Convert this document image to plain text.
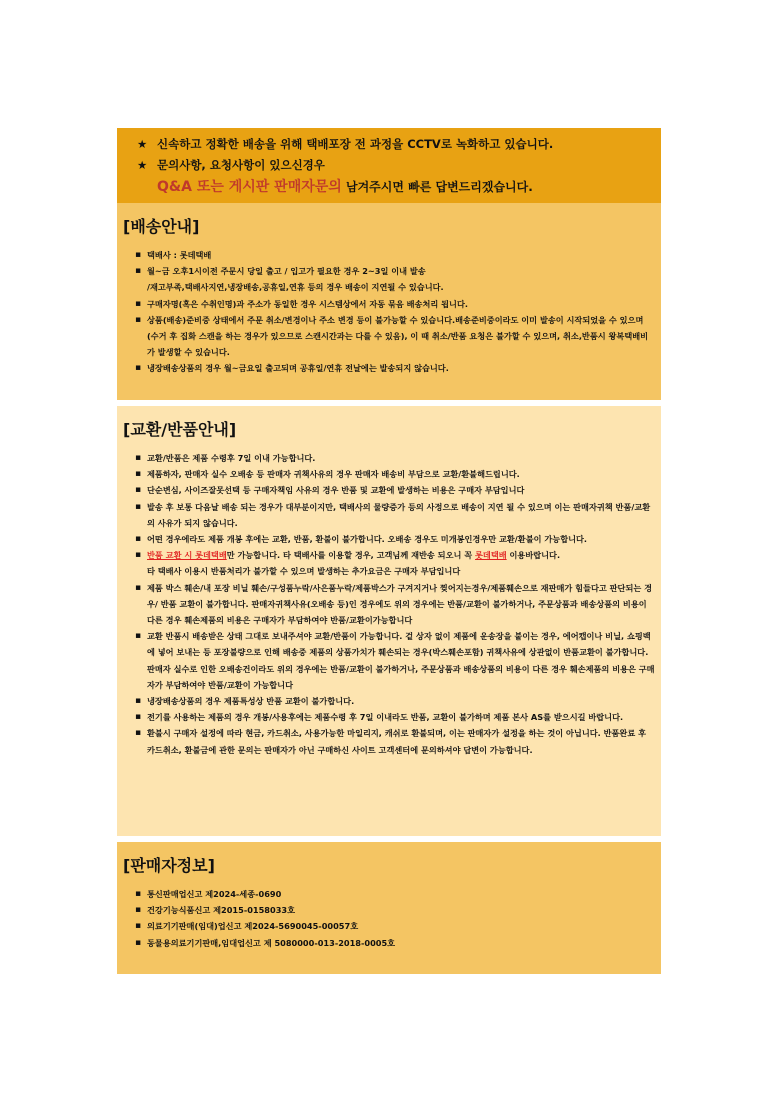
★ 신속하고 정확한 배송을 위해 택배포장 전 과정을 CCTV로 녹화하고 있습니다.
★ 문의사항, 요청사항이 있으신경우
Q&A 또는 게시판 판매자문의 남겨주시면 빠른 답변드리겠습니다.
[배송안내]
▪ 택배사 : 롯데택배
▪ 월~금 오후1시이전 주문시 당일 출고 / 입고가 필요한 경우 2~3일 이내 발송
/재고부족,택배사지연,냉장배송,공휴일,연휴 등의 경우 배송이 지연될 수 있습니다.
▪ 구매자명(혹은 수취인명)과 주소가 동일한 경우 시스템상에서 자동 묶음 배송처리 됩니다.
▪ 상품(배송)준비중 상태에서 주문 취소/변경이나 주소 변경 등이 불가능할 수 있습니다.배송준비중이라도 이미 발송이 시작되었을 수 있으며(수거 후 집화 스캔을 하는 경우가 있으므로 스캔시간과는 다를 수 있음), 이 때 취소/반품 요청은 불가할 수 있으며, 취소,반품시 왕복택배비가 발생할 수 있습니다.
▪ 냉장배송상품의 경우 월~금요일 출고되며 공휴일/연휴 전날에는 발송되지 않습니다.
[교환/반품안내]
▪ 교환/반품은 제품 수령후 7일 이내 가능합니다.
▪ 제품하자, 판매자 실수 오배송 등 판매자 귀책사유의 경우 판매자 배송비 부담으로 교환/환불해드립니다.
▪ 단순변심, 사이즈잘못선택 등 구매자책임 사유의 경우 반품 및 교환에 발생하는 비용은 구매자 부담입니다
▪ 발송 후 보통 다음날 배송 되는 경우가 대부분이지만, 택배사의 물량증가 등의 사정으로 배송이 지연 될 수 있으며 이는 판매자귀책 반품/교환의 사유가 되지 않습니다.
▪ 어떤 경우에라도 제품 개봉 후에는 교환, 반품, 환불이 불가합니다. 오배송 경우도 미개봉인경우만 교환/환불이 가능합니다.
▪ 반품 교환 시 롯데택배만 가능합니다. 타 택배사를 이용할 경우, 고객님께 재반송 되오니 꼭 롯데택배 이용바랍니다.
타 택배사 이용시 반품처리가 불가할 수 있으며 발생하는 추가요금은 구매자 부담입니다
▪ 제품 박스 훼손/내 포장 비닐 훼손/구성품누락/사은품누락/제품박스가 구겨지거나 찢어지는경우/제품훼손으로 재판매가 힘들다고 판단되는 경우/ 반품 교환이 불가합니다. 판매자귀책사유(오배송 등)인 경우에도 위의 경우에는 반품/교환이 불가하거나, 주문상품과 배송상품의 비용이 다른 경우 훼손제품의 비용은 구매자가 부담하여야 반품/교환이가능합니다
▪ 교환 반품시 배송받은 상태 그대로 보내주셔야 교환/반품이 가능합니다. 겉 상자 없이 제품에 운송장을 붙이는 경우, 에어캡이나 비닐, 쇼핑백에 넣어 보내는 등 포장불량으로 인해 배송중 제품의 상품가치가 훼손되는 경우(박스훼손포함) 귀책사유에 상관없이 반품교환이 불가합니다. 판매자 실수로 인한 오배송건이라도 위의 경우에는 반품/교환이 불가하거나, 주문상품과 배송상품의 비용이 다른 경우 훼손제품의 비용은 구매자가 부담하여야 반품/교환이 가능합니다
▪ 냉장배송상품의 경우 제품특성상 반품 교환이 불가합니다.
▪ 전기를 사용하는 제품의 경우 개봉/사용후에는 제품수령 후 7일 이내라도 반품, 교환이 불가하며 제품 본사 AS를 받으시길 바랍니다.
▪ 환불시 구매자 설정에 따라 현금, 카드취소, 사용가능한 마일리지, 캐쉬로 환불되며, 이는 판매자가 설정을 하는 것이 아닙니다. 반품완료 후 카드취소, 환불금에 관한 문의는 판매자가 아닌 구매하신 사이트 고객센터에 문의하셔야 답변이 가능합니다.
[판매자정보]
▪ 통신판매업신고 제2024-세종-0690
▪ 건강기능식품신고 제2015-0158033호
▪ 의료기기판매(임대)업신고 제2024-5690045-00057호
▪ 동물용의료기기판매,임대업신고 제 5080000-013-2018-0005호
